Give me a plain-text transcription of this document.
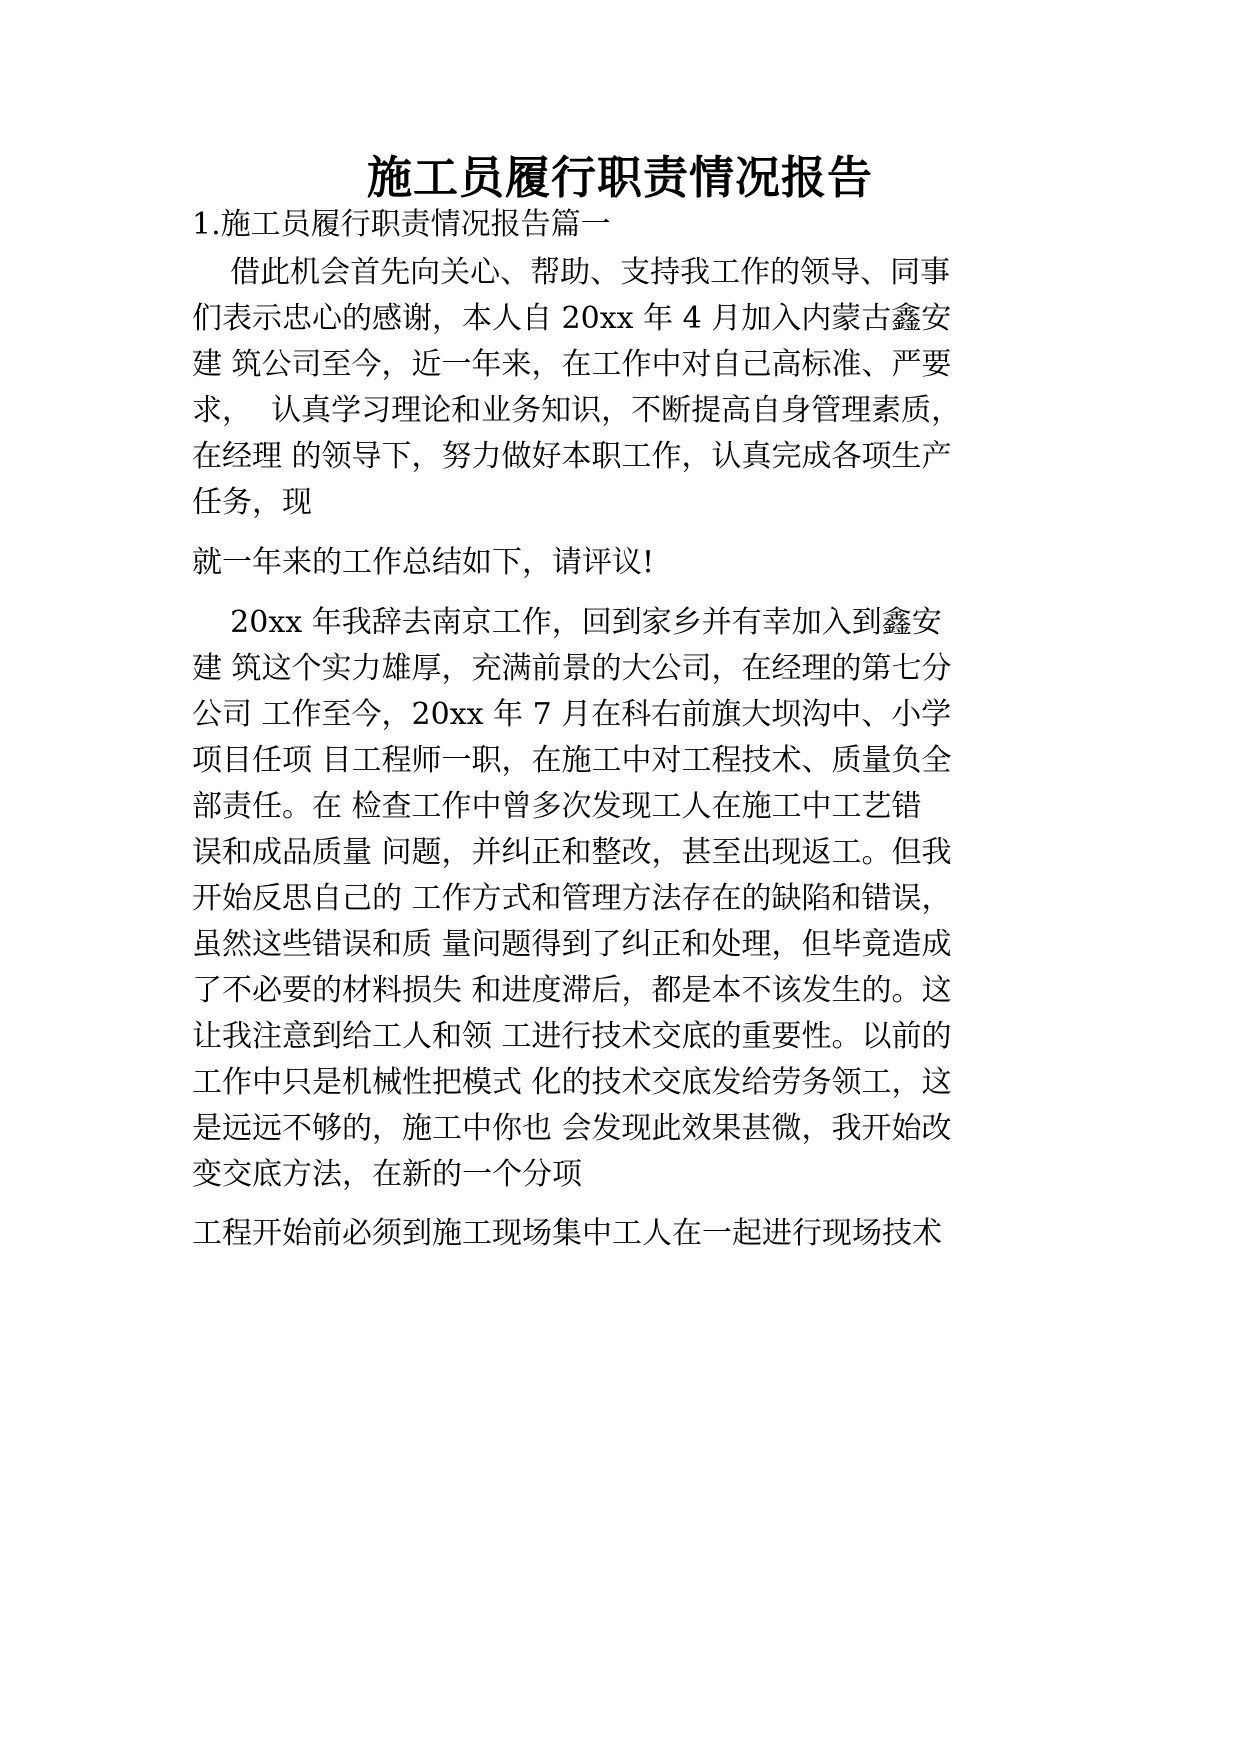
施工员履行职责情况报告

1.施工员履行职责情况报告篇一

借此机会首先向关心、帮助、支持我工作的领导、同事

们表示忠心的感谢，本人自 20xx 年 4 月加入内蒙古鑫安

建 筑公司至今，近一年来，在工作中对自己高标准、严要

求，  认真学习理论和业务知识，不断提高自身管理素质，

在经理 的领导下，努力做好本职工作，认真完成各项生产

任务，现

就一年来的工作总结如下，请评议!

20xx 年我辞去南京工作，回到家乡并有幸加入到鑫安

建 筑这个实力雄厚，充满前景的大公司，在经理的第七分

公司 工作至今，20xx 年 7 月在科右前旗大坝沟中、小学

项目任项 目工程师一职，在施工中对工程技术、质量负全

部责任。在 检查工作中曾多次发现工人在施工中工艺错

误和成品质量 问题，并纠正和整改，甚至出现返工。但我

开始反思自己的 工作方式和管理方法存在的缺陷和错误，

虽然这些错误和质 量问题得到了纠正和处理，但毕竟造成

了不必要的材料损失 和进度滞后，都是本不该发生的。这

让我注意到给工人和领 工进行技术交底的重要性。以前的

工作中只是机械性把模式 化的技术交底发给劳务领工，这

是远远不够的，施工中你也 会发现此效果甚微，我开始改

变交底方法，在新的一个分项

工程开始前必须到施工现场集中工人在一起进行现场技术
